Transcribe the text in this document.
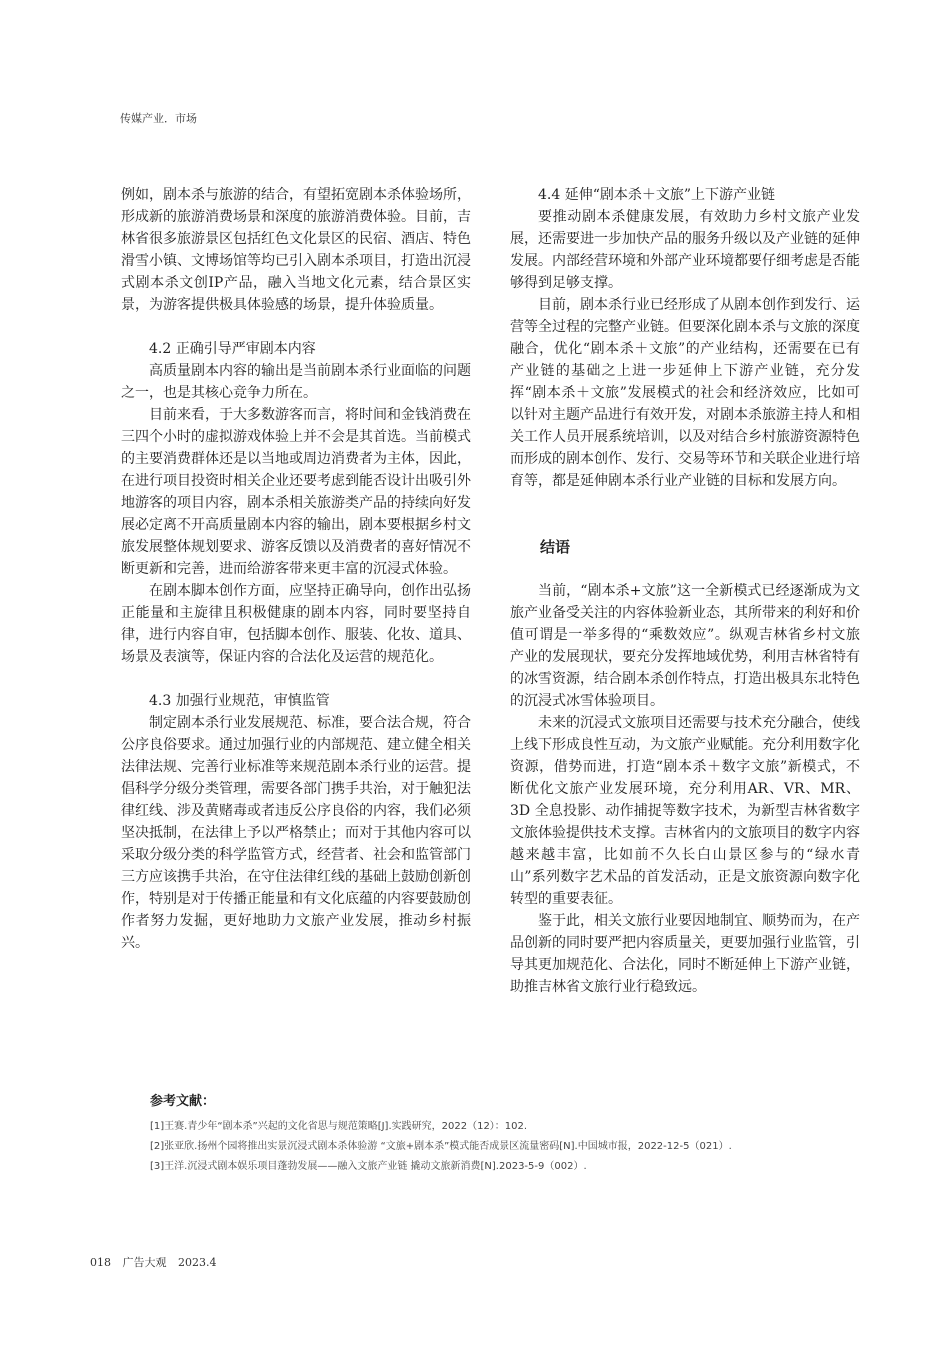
传媒产业．市场

例如，剧本杀与旅游的结合，有望拓宽剧本杀体验场所，形成新的旅游消费场景和深度的旅游消费体验。目前，吉林省很多旅游景区包括红色文化景区的民宿、酒店、特色滑雪小镇、文博场馆等均已引入剧本杀项目，打造出沉浸式剧本杀文创IP产品，融入当地文化元素，结合景区实景，为游客提供极具体验感的场景，提升体验质量。

4.2 正确引导严审剧本内容

高质量剧本内容的输出是当前剧本杀行业面临的问题之一，也是其核心竞争力所在。

目前来看，于大多数游客而言，将时间和金钱消费在三四个小时的虚拟游戏体验上并不会是其首选。当前模式的主要消费群体还是以当地或周边消费者为主体，因此，在进行项目投资时相关企业还要考虑到能否设计出吸引外地游客的项目内容，剧本杀相关旅游类产品的持续向好发展必定离不开高质量剧本内容的输出，剧本要根据乡村文旅发展整体规划要求、游客反馈以及消费者的喜好情况不断更新和完善，进而给游客带来更丰富的沉浸式体验。

在剧本脚本创作方面，应坚持正确导向，创作出弘扬正能量和主旋律且积极健康的剧本内容，同时要坚持自律，进行内容自审，包括脚本创作、服装、化妆、道具、场景及表演等，保证内容的合法化及运营的规范化。

4.3 加强行业规范，审慎监管

制定剧本杀行业发展规范、标准，要合法合规，符合公序良俗要求。通过加强行业的内部规范、建立健全相关法律法规、完善行业标准等来规范剧本杀行业的运营。提倡科学分级分类管理，需要各部门携手共治，对于触犯法律红线、涉及黄赌毒或者违反公序良俗的内容，我们必须坚决抵制，在法律上予以严格禁止；而对于其他内容可以采取分级分类的科学监管方式，经营者、社会和监管部门三方应该携手共治，在守住法律红线的基础上鼓励创新创作，特别是对于传播正能量和有文化底蕴的内容要鼓励创作者努力发掘，更好地助力文旅产业发展，推动乡村振兴。

4.4 延伸“剧本杀＋文旅”上下游产业链

要推动剧本杀健康发展，有效助力乡村文旅产业发展，还需要进一步加快产品的服务升级以及产业链的延伸发展。内部经营环境和外部产业环境都要仔细考虑是否能够得到足够支撑。

目前，剧本杀行业已经形成了从剧本创作到发行、运营等全过程的完整产业链。但要深化剧本杀与文旅的深度融合，优化“剧本杀＋文旅”的产业结构，还需要在已有产业链的基础之上进一步延伸上下游产业链，充分发挥“剧本杀＋文旅”发展模式的社会和经济效应，比如可以针对主题产品进行有效开发，对剧本杀旅游主持人和相关工作人员开展系统培训，以及对结合乡村旅游资源特色而形成的剧本创作、发行、交易等环节和关联企业进行培育等，都是延伸剧本杀行业产业链的目标和发展方向。

结语

当前，“剧本杀+文旅”这一全新模式已经逐渐成为文旅产业备受关注的内容体验新业态，其所带来的利好和价值可谓是一举多得的“乘数效应”。纵观吉林省乡村文旅产业的发展现状，要充分发挥地域优势，利用吉林省特有的冰雪资源，结合剧本杀创作特点，打造出极具东北特色的沉浸式冰雪体验项目。

未来的沉浸式文旅项目还需要与技术充分融合，使线上线下形成良性互动，为文旅产业赋能。充分利用数字化资源，借势而进，打造“剧本杀＋数字文旅”新模式，不断优化文旅产业发展环境，充分利用AR、VR、MR、3D 全息投影、动作捕捉等数字技术，为新型吉林省数字文旅体验提供技术支撑。吉林省内的文旅项目的数字内容越来越丰富，比如前不久长白山景区参与的“绿水青山”系列数字艺术品的首发活动，正是文旅资源向数字化转型的重要表征。

鉴于此，相关文旅行业要因地制宜、顺势而为，在产品创新的同时要严把内容质量关，更要加强行业监管，引导其更加规范化、合法化，同时不断延伸上下游产业链，助推吉林省文旅行业行稳致远。

参考文献：
[1]王赛.青少年“剧本杀”兴起的文化省思与规范策略[J].实践研究，2022（12）：102.
[2]张亚欣.扬州个园将推出实景沉浸式剧本杀体验游 “文旅+剧本杀”模式能否成景区流量密码[N].中国城市报，2022-12-5（021）.
[3]王洋.沉浸式剧本娱乐项目蓬勃发展——融入文旅产业链 撬动文旅新消费[N].2023-5-9（002）.
018 广告大观 2023.4
